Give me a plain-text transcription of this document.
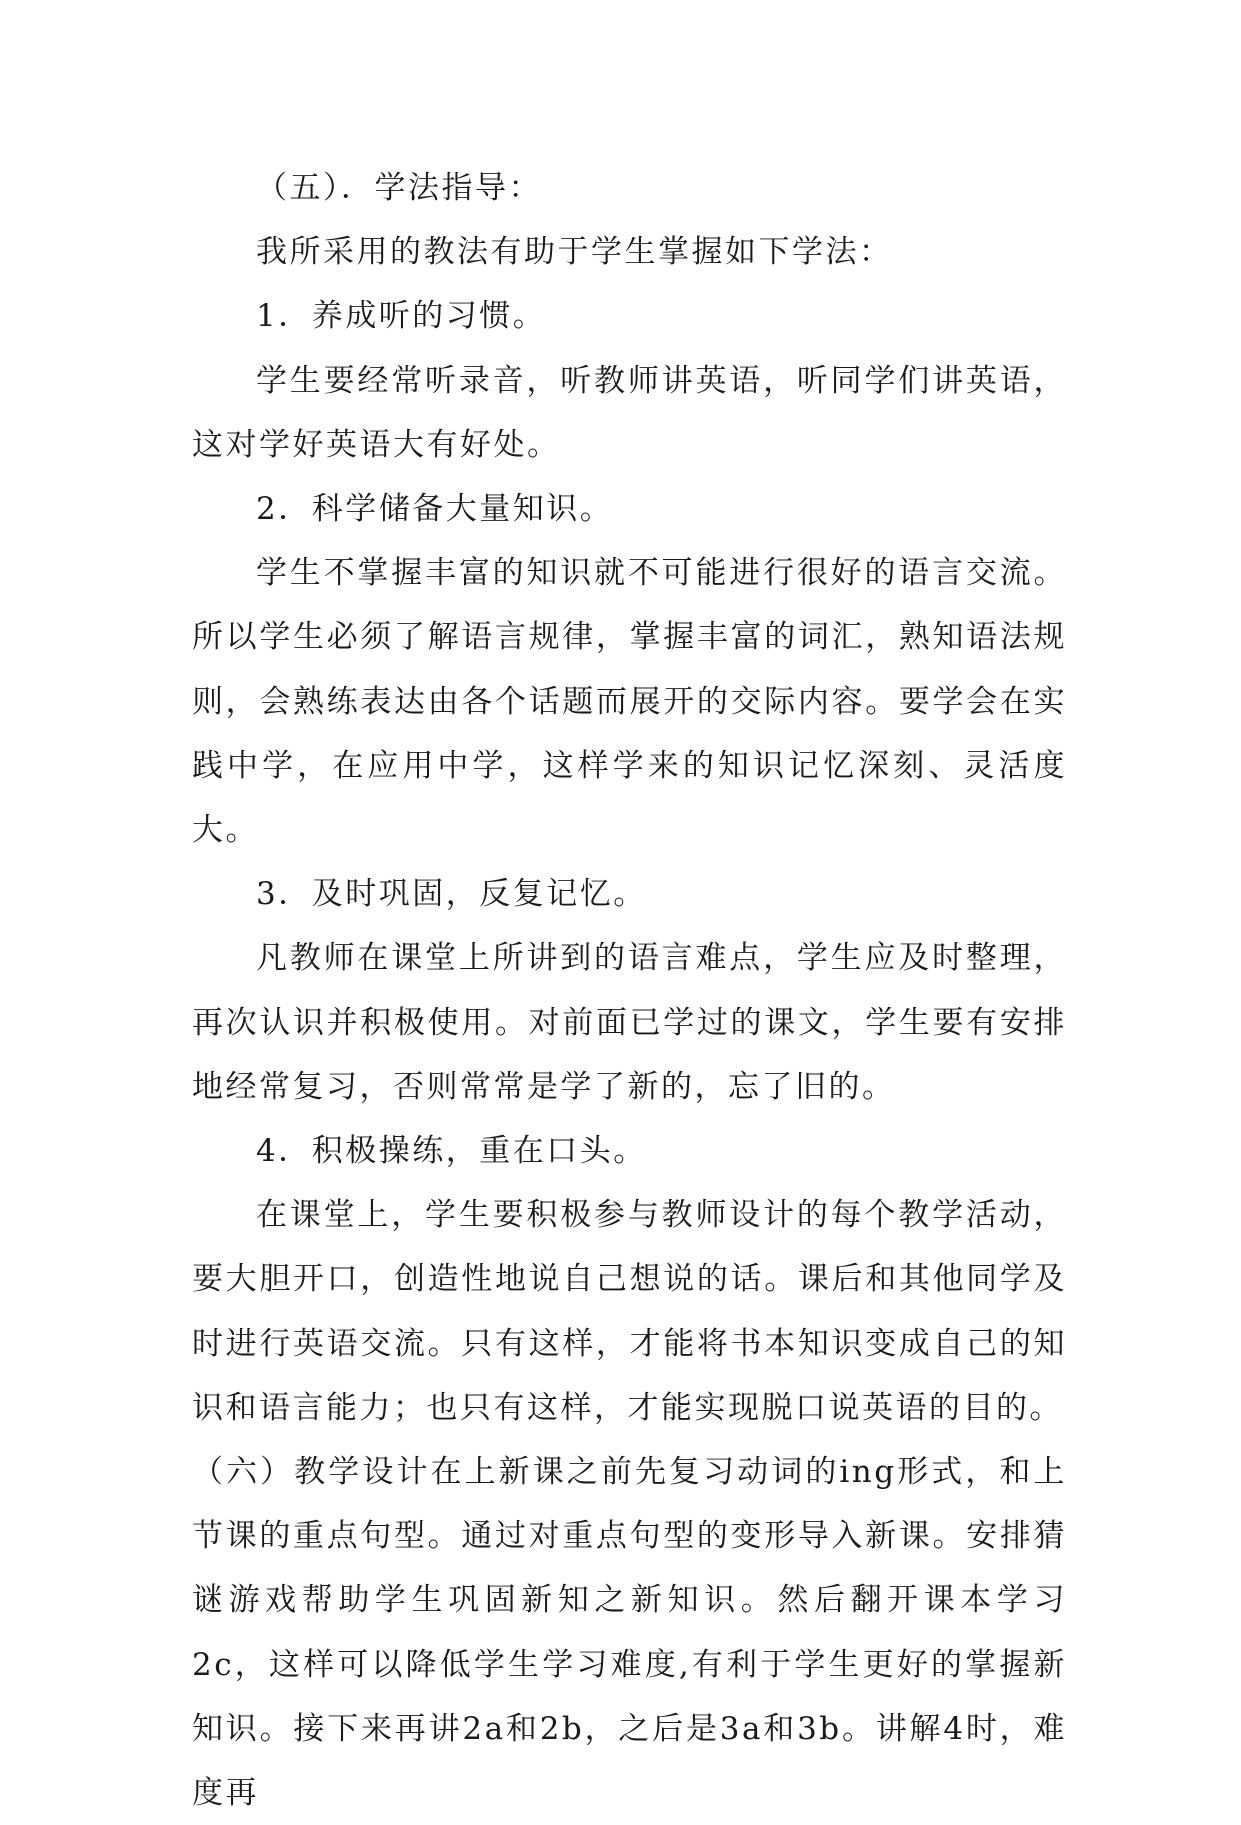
（五）．学法指导：

我所采用的教法有助于学生掌握如下学法：

1．养成听的习惯。

学生要经常听录音，听教师讲英语，听同学们讲英语，这对学好英语大有好处。

2．科学储备大量知识。

学生不掌握丰富的知识就不可能进行很好的语言交流。所以学生必须了解语言规律，掌握丰富的词汇，熟知语法规则，会熟练表达由各个话题而展开的交际内容。要学会在实践中学，在应用中学，这样学来的知识记忆深刻、灵活度大。

3．及时巩固，反复记忆。

凡教师在课堂上所讲到的语言难点，学生应及时整理，再次认识并积极使用。对前面已学过的课文，学生要有安排地经常复习，否则常常是学了新的，忘了旧的。

4．积极操练，重在口头。

在课堂上，学生要积极参与教师设计的每个教学活动，要大胆开口，创造性地说自己想说的话。课后和其他同学及时进行英语交流。只有这样，才能将书本知识变成自己的知识和语言能力；也只有这样，才能实现脱口说英语的目的。

（六）教学设计在上新课之前先复习动词的ing形式，和上节课的重点句型。通过对重点句型的变形导入新课。安排猜谜游戏帮助学生巩固新知之新知识。然后翻开课本学习2c，这样可以降低学生学习难度,有利于学生更好的掌握新知识。接下来再讲2a和2b，之后是3a和3b。讲解4时，难度再
